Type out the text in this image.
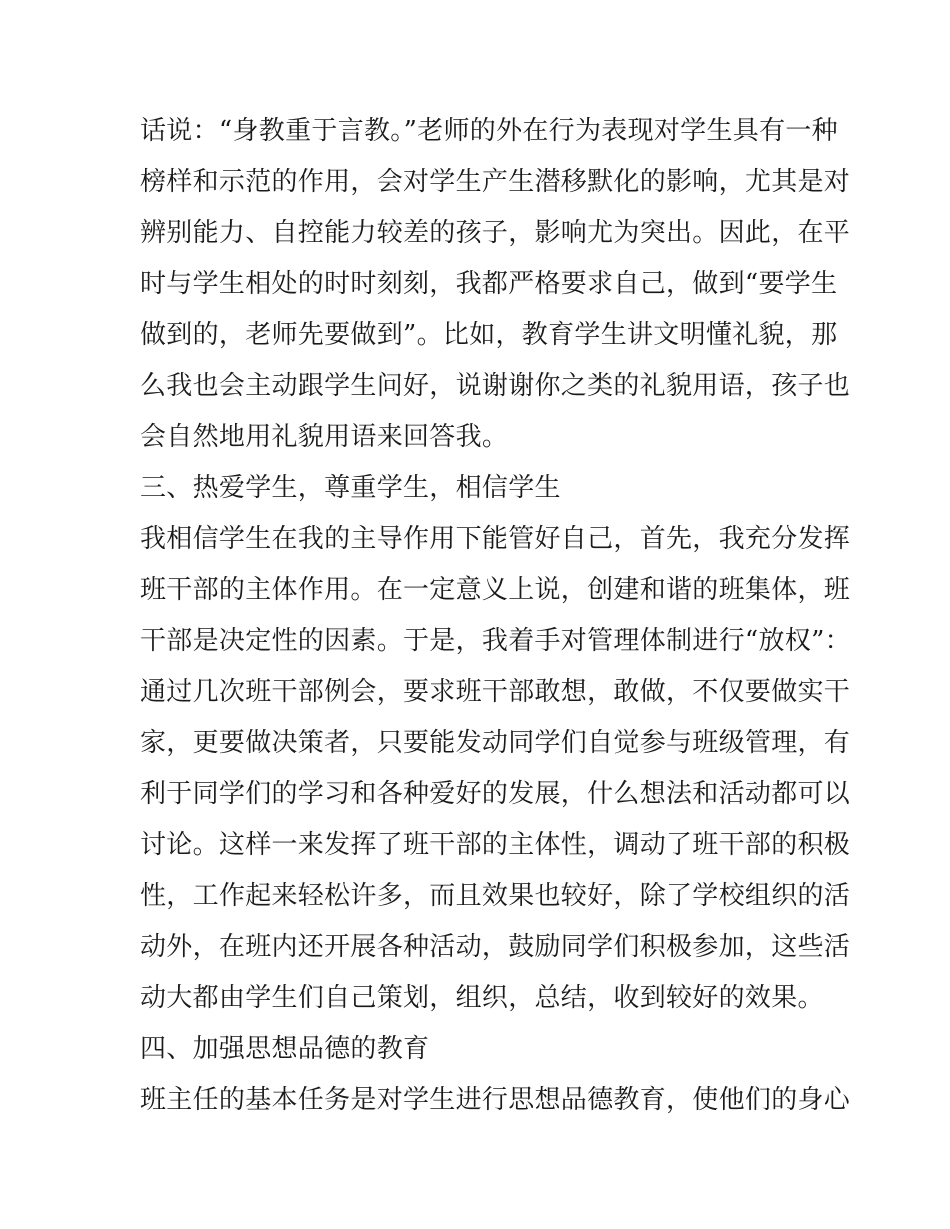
话说：“身教重于言教。”老师的外在行为表现对学生具有一种
榜样和示范的作用，会对学生产生潜移默化的影响，尤其是对
辨别能力、自控能力较差的孩子，影响尤为突出。因此，在平
时与学生相处的时时刻刻，我都严格要求自己，做到“要学生
做到的，老师先要做到”。比如，教育学生讲文明懂礼貌，那
么我也会主动跟学生问好，说谢谢你之类的礼貌用语，孩子也
会自然地用礼貌用语来回答我。
三、热爱学生，尊重学生，相信学生
我相信学生在我的主导作用下能管好自己，首先，我充分发挥
班干部的主体作用。在一定意义上说，创建和谐的班集体，班
干部是决定性的因素。于是，我着手对管理体制进行“放权”：
通过几次班干部例会，要求班干部敢想，敢做，不仅要做实干
家，更要做决策者，只要能发动同学们自觉参与班级管理，有
利于同学们的学习和各种爱好的发展，什么想法和活动都可以
讨论。这样一来发挥了班干部的主体性，调动了班干部的积极
性，工作起来轻松许多，而且效果也较好，除了学校组织的活
动外，在班内还开展各种活动，鼓励同学们积极参加，这些活
动大都由学生们自己策划，组织，总结，收到较好的效果。
四、加强思想品德的教育
班主任的基本任务是对学生进行思想品德教育，使他们的身心
